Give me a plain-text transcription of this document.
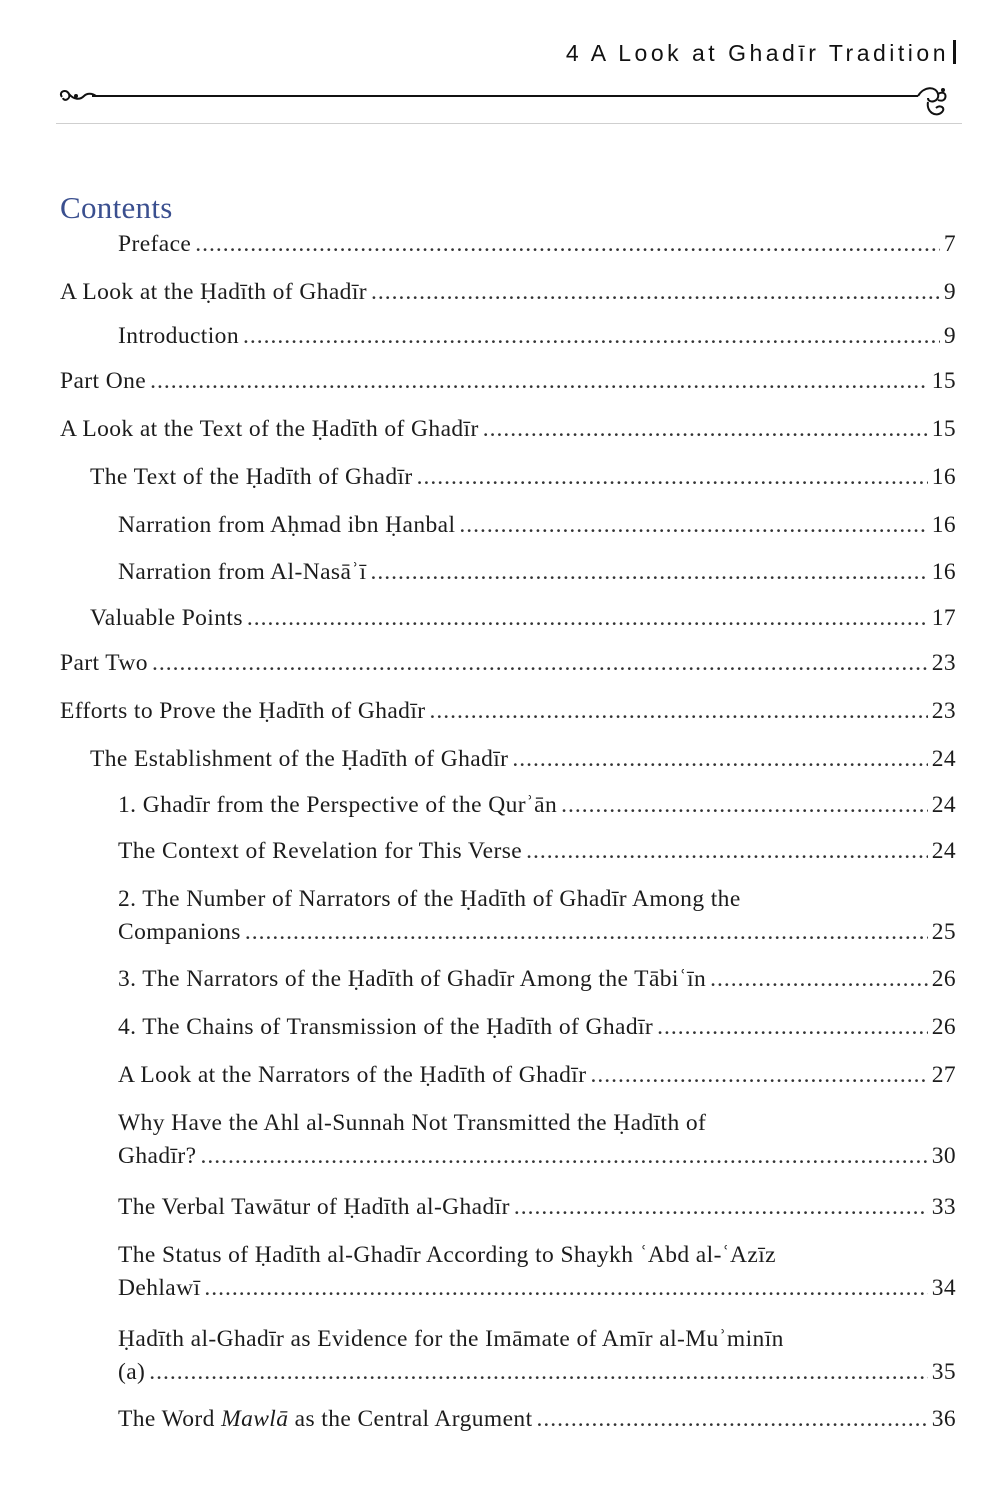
4 A Look at Ghadīr Tradition
Contents
Preface .....	7
A Look at the Ḥadīth of Ghadīr .....	9
Introduction .....	9
Part One .....	15
A Look at the Text of the Ḥadīth of Ghadīr .....	15
The Text of the Ḥadīth of Ghadīr .....	16
Narration from Aḥmad ibn Ḥanbal .....	16
Narration from Al-Nasāʾī .....	16
Valuable Points .....	17
Part Two .....	23
Efforts to Prove the Ḥadīth of Ghadīr .....	23
The Establishment of the Ḥadīth of Ghadīr .....	24
1. Ghadīr from the Perspective of the Qurʾān .....	24
The Context of Revelation for This Verse .....	24
2. The Number of Narrators of the Ḥadīth of Ghadīr Among the
Companions .....	25
3. The Narrators of the Ḥadīth of Ghadīr Among the Tābiʿīn .....	26
4. The Chains of Transmission of the Ḥadīth of Ghadīr .....	26
A Look at the Narrators of the Ḥadīth of Ghadīr .....	27
Why Have the Ahl al-Sunnah Not Transmitted the Ḥadīth of
Ghadīr? .....	30
The Verbal Tawātur of Ḥadīth al-Ghadīr .....	33
The Status of Ḥadīth al-Ghadīr According to Shaykh ʿAbd al-ʿAzīz
Dehlawī .....	34
Ḥadīth al-Ghadīr as Evidence for the Imāmate of Amīr al-Muʾminīn
(a) .....	35
The Word Mawlā as the Central Argument .....	36
